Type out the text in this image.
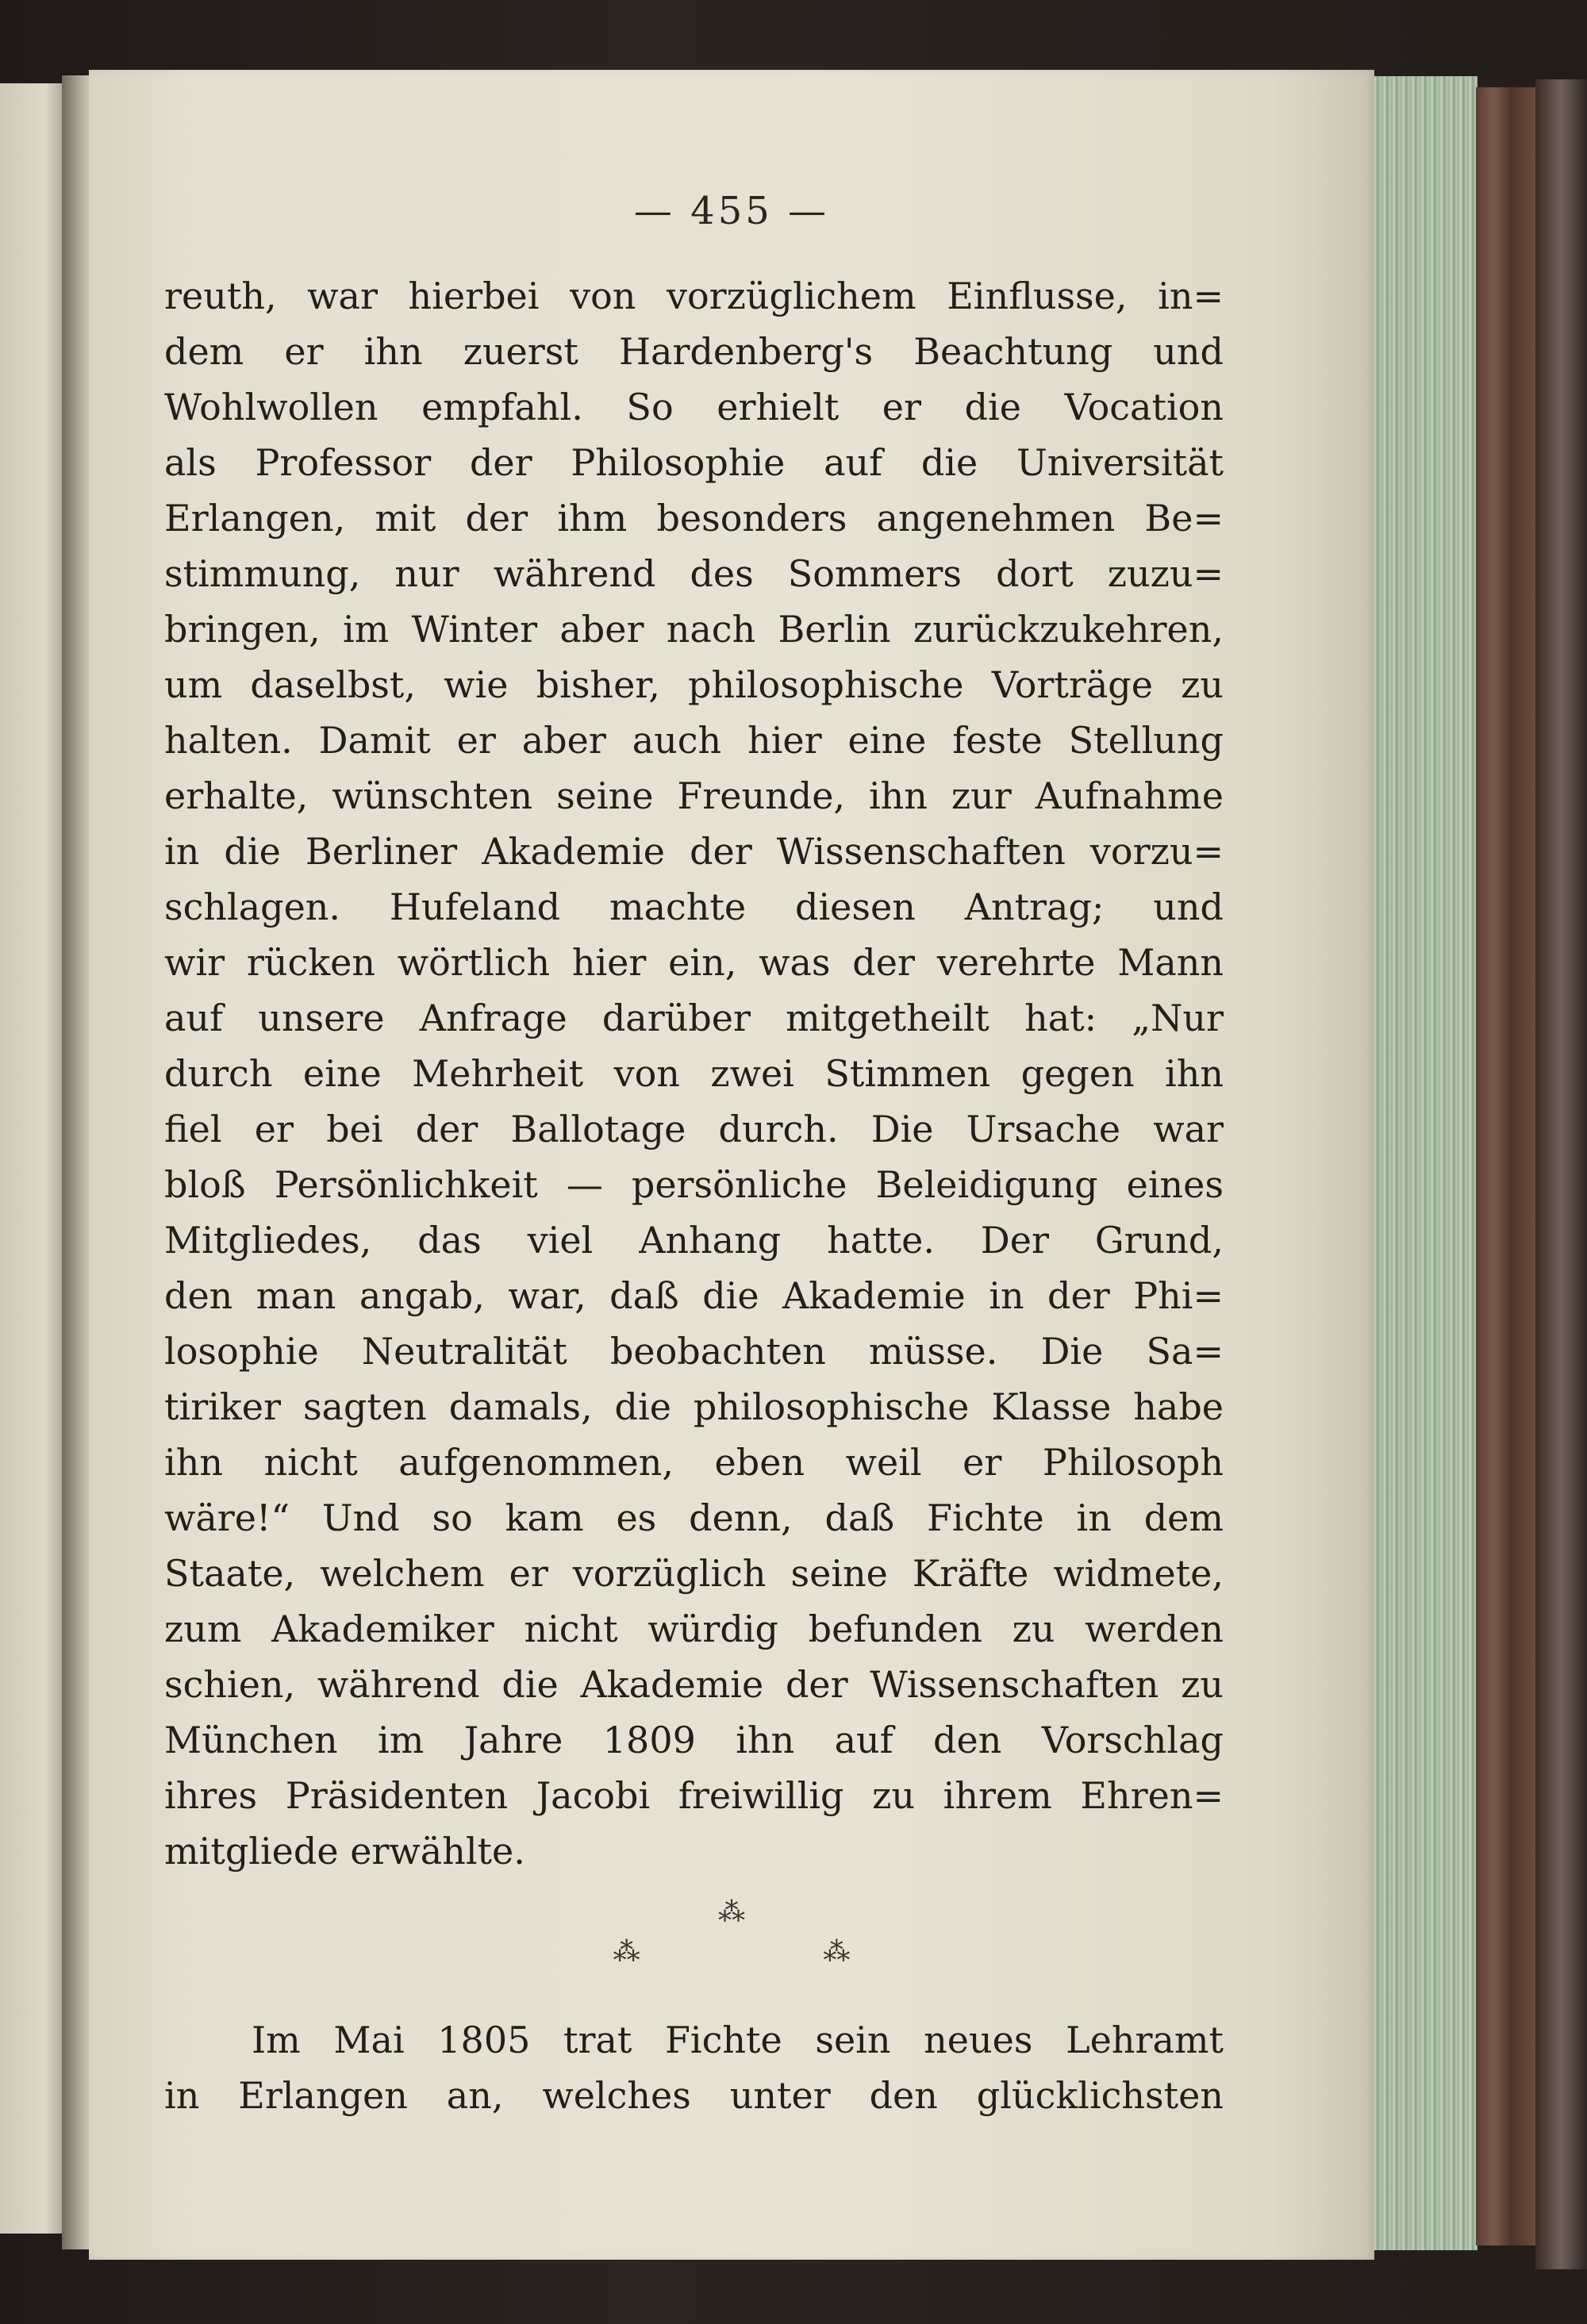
— 455 —
reuth, war hierbei von vorzüglichem Einflusse, in=
dem er ihn zuerst Hardenberg's Beachtung und
Wohlwollen empfahl. So erhielt er die Vocation
als Professor der Philosophie auf die Universität
Erlangen, mit der ihm besonders angenehmen Be=
stimmung, nur während des Sommers dort zuzu=
bringen, im Winter aber nach Berlin zurückzukehren,
um daselbst, wie bisher, philosophische Vorträge zu
halten. Damit er aber auch hier eine feste Stellung
erhalte, wünschten seine Freunde, ihn zur Aufnahme
in die Berliner Akademie der Wissenschaften vorzu=
schlagen. Hufeland machte diesen Antrag; und
wir rücken wörtlich hier ein, was der verehrte Mann
auf unsere Anfrage darüber mitgetheilt hat: „Nur
durch eine Mehrheit von zwei Stimmen gegen ihn
fiel er bei der Ballotage durch. Die Ursache war
bloß Persönlichkeit — persönliche Beleidigung eines
Mitgliedes, das viel Anhang hatte. Der Grund,
den man angab, war, daß die Akademie in der Phi=
losophie Neutralität beobachten müsse. Die Sa=
tiriker sagten damals, die philosophische Klasse habe
ihn nicht aufgenommen, eben weil er Philosoph
wäre!“ Und so kam es denn, daß Fichte in dem
Staate, welchem er vorzüglich seine Kräfte widmete,
zum Akademiker nicht würdig befunden zu werden
schien, während die Akademie der Wissenschaften zu
München im Jahre 1809 ihn auf den Vorschlag
ihres Präsidenten Jacobi freiwillig zu ihrem Ehren=
mitgliede erwählte.
⁂
⁂ ⁂
Im Mai 1805 trat Fichte sein neues Lehramt
in Erlangen an, welches unter den glücklichsten
